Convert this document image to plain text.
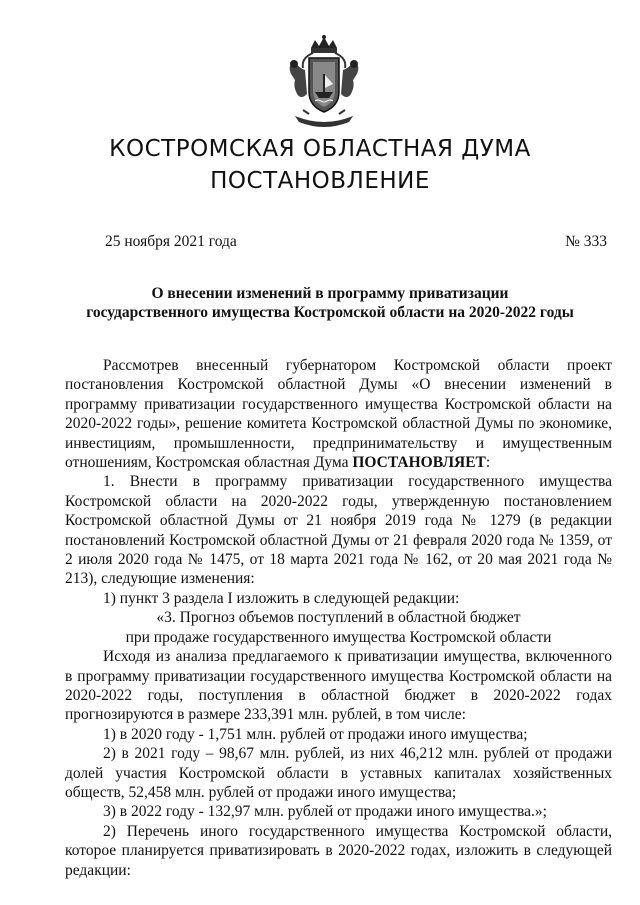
КОСТРОМСКАЯ ОБЛАСТНАЯ ДУМА
ПОСТАНОВЛЕНИЕ
25 ноября 2021 года	№ 333
О внесении изменений в программу приватизации
государственного имущества Костромской области на 2020-2022 годы

Рассмотрев внесенный губернатором Костромской области проект постановления Костромской областной Думы «О внесении изменений в программу приватизации государственного имущества Костромской области на 2020-2022 годы», решение комитета Костромской областной Думы по экономике, инвестициям, промышленности, предпринимательству и имущественным отношениям, Костромская областная Дума ПОСТАНОВЛЯЕТ:

1. Внести в программу приватизации государственного имущества Костромской области на 2020-2022 годы, утвержденную постановлением Костромской областной Думы от 21 ноября 2019 года № 1279 (в редакции постановлений Костромской областной Думы от 21 февраля 2020 года № 1359, от 2 июля 2020 года № 1475, от 18 марта 2021 года № 162, от 20 мая 2021 года № 213), следующие изменения:

1) пункт 3 раздела I изложить в следующей редакции:

«3. Прогноз объемов поступлений в областной бюджет

при продаже государственного имущества Костромской области

Исходя из анализа предлагаемого к приватизации имущества, включенного в программу приватизации государственного имущества Костромской области на 2020-2022 годы, поступления в областной бюджет в 2020-2022 годах прогнозируются в размере 233,391 млн. рублей, в том числе:

1) в 2020 году - 1,751 млн. рублей от продажи иного имущества;

2) в 2021 году – 98,67 млн. рублей, из них 46,212 млн. рублей от продажи долей участия Костромской области в уставных капиталах хозяйственных обществ, 52,458 млн. рублей от продажи иного имущества;

3) в 2022 году - 132,97 млн. рублей от продажи иного имущества.»;

2) Перечень иного государственного имущества Костромской области, которое планируется приватизировать в 2020-2022 годах, изложить в следующей редакции:
